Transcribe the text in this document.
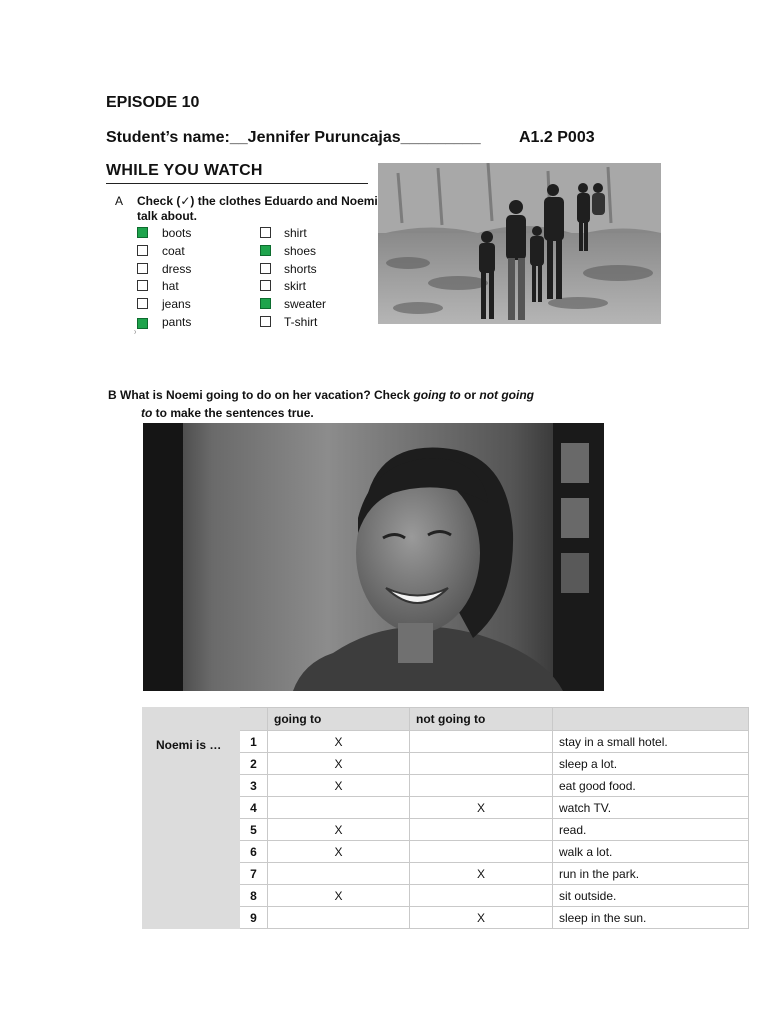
EPISODE 10
Student’s name:__Jennifer Puruncajas_________ A1.2 P003
WHILE YOU WATCH
A Check (✓) the clothes Eduardo and Noemi
talk about.
boots
coat
dress
hat
jeans
pants
shirt
shoes
shorts
skirt
sweater
T-shirt
⁾
B What is Noemi going to do on her vacation? Check going to or not going
to to make the sentences true.
Noemi is …		going to	not going to	
	1	X		stay in a small hotel.
	2	X		sleep a lot.
	3	X		eat good food.
	4		X	watch TV.
	5	X		read.
	6	X		walk a lot.
	7		X	run in the park.
	8	X		sit outside.
	9		X	sleep in the sun.
